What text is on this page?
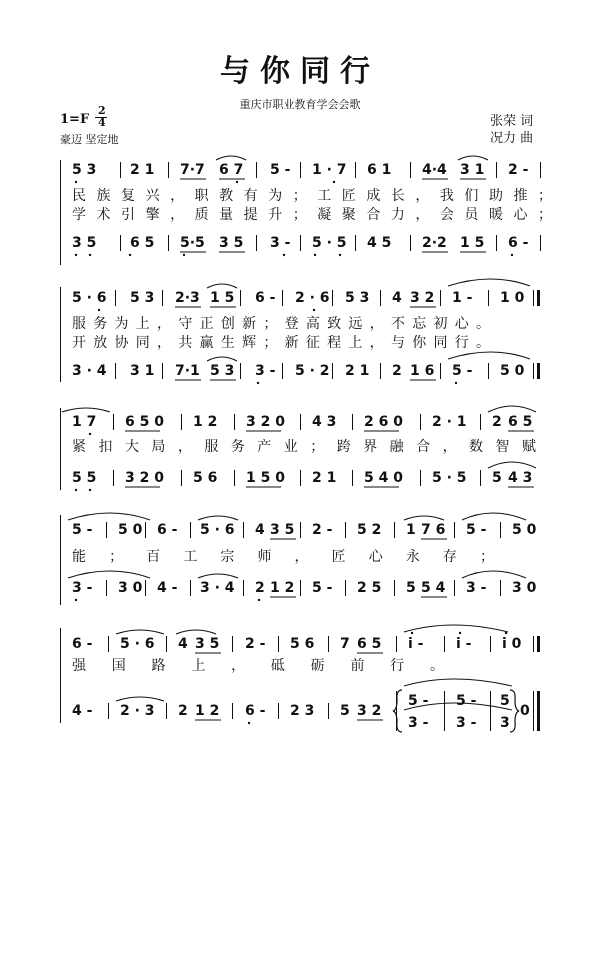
与你同行
重庆市职业教育学会会歌
张荣 词
况力 曲
1=F
2
4
豪迈 坚定地

5 3

2 1

7·7

6 7

5 -

1 · 7

6 1

4·4

3 1

2 -

民 族 复 兴 ， 职 教 有 为 ； 工 匠 成 长 ， 我 们 助 推 ；
学 术 引 擎 ， 质 量 提 升 ； 凝 聚 合 力 ， 会 员 暖 心 ；

3 5

6 5

5·5

3 5

3 -

5 · 5

4 5

2·2

1 5

6 -

5 · 6

5 3

2·3

1 5

6 -

2 · 6

5 3

4

3 2

1 -

1 0

服 务 为 上 ， 守 正 创 新 ； 登 高 致 远 ， 不 忘 初 心 。
开 放 协 同 ， 共 赢 生 辉 ； 新 征 程 上 ， 与 你 同 行 。

3 · 4

3 1

7·1

5 3

3 -

5 · 2

2 1

2

1 6

5 -

5 0

1 7

6 5 0

1 2

3 2 0

4 3

2 6 0

2 · 1

2

6 5

紧 扣 大 局 ， 服 务 产 业 ； 跨 界 融 合 ， 数 智 赋

5 5

3 2 0

5 6

1 5 0

2 1

5 4 0

5 · 5

5

4 3

5 -

5 0

6 -

5 · 6

4

3 5

2 -

5 2

1

7 6

5 -

5 0

能 ； 百 工 宗 师 ， 匠 心 永 存 ；

3 -

3 0

4 -

3 · 4

2

1 2

5 -

2 5

5

5 4

3 -

3 0

6 -

5 · 6

4

3 5

2 -

5 6

7

6 5

i -

i -

i 0

强 国 路 上 ， 砥 砺 前 行 。

4 -

2 · 3

2

1 2

6 -

2 3

5

3 2

5 -

5 -

5

0

3 -

3 -

3
